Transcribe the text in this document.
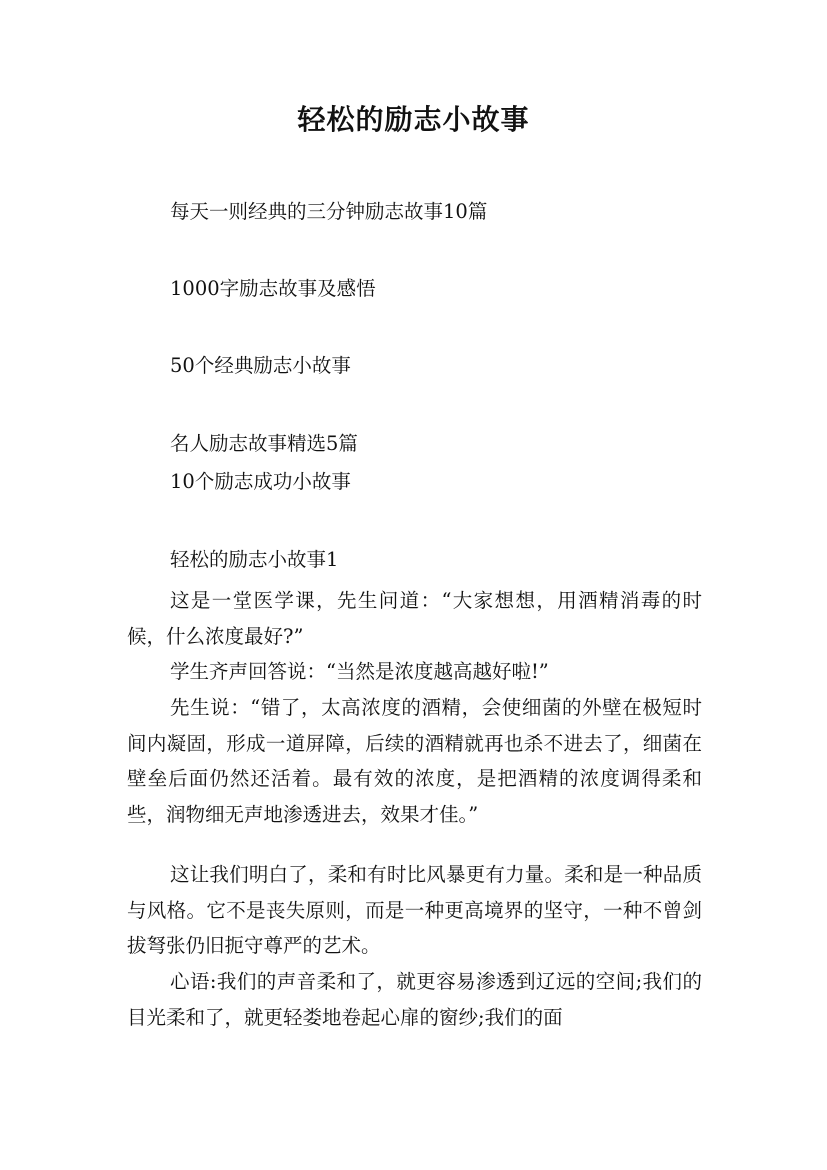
轻松的励志小故事
每天一则经典的三分钟励志故事10篇
1000字励志故事及感悟
50个经典励志小故事
名人励志故事精选5篇
10个励志成功小故事
轻松的励志小故事1

这是一堂医学课，先生问道：“大家想想，用酒精消毒的时候，什么浓度最好?”

学生齐声回答说：“当然是浓度越高越好啦!”

先生说：“错了，太高浓度的酒精，会使细菌的外壁在极短时间内凝固，形成一道屏障，后续的酒精就再也杀不进去了，细菌在壁垒后面仍然还活着。最有效的浓度，是把酒精的浓度调得柔和些，润物细无声地渗透进去，效果才佳。”

这让我们明白了，柔和有时比风暴更有力量。柔和是一种品质与风格。它不是丧失原则，而是一种更高境界的坚守，一种不曾剑拔弩张仍旧扼守尊严的艺术。

心语:我们的声音柔和了，就更容易渗透到辽远的空间;我们的目光柔和了，就更轻娄地卷起心扉的窗纱;我们的面
